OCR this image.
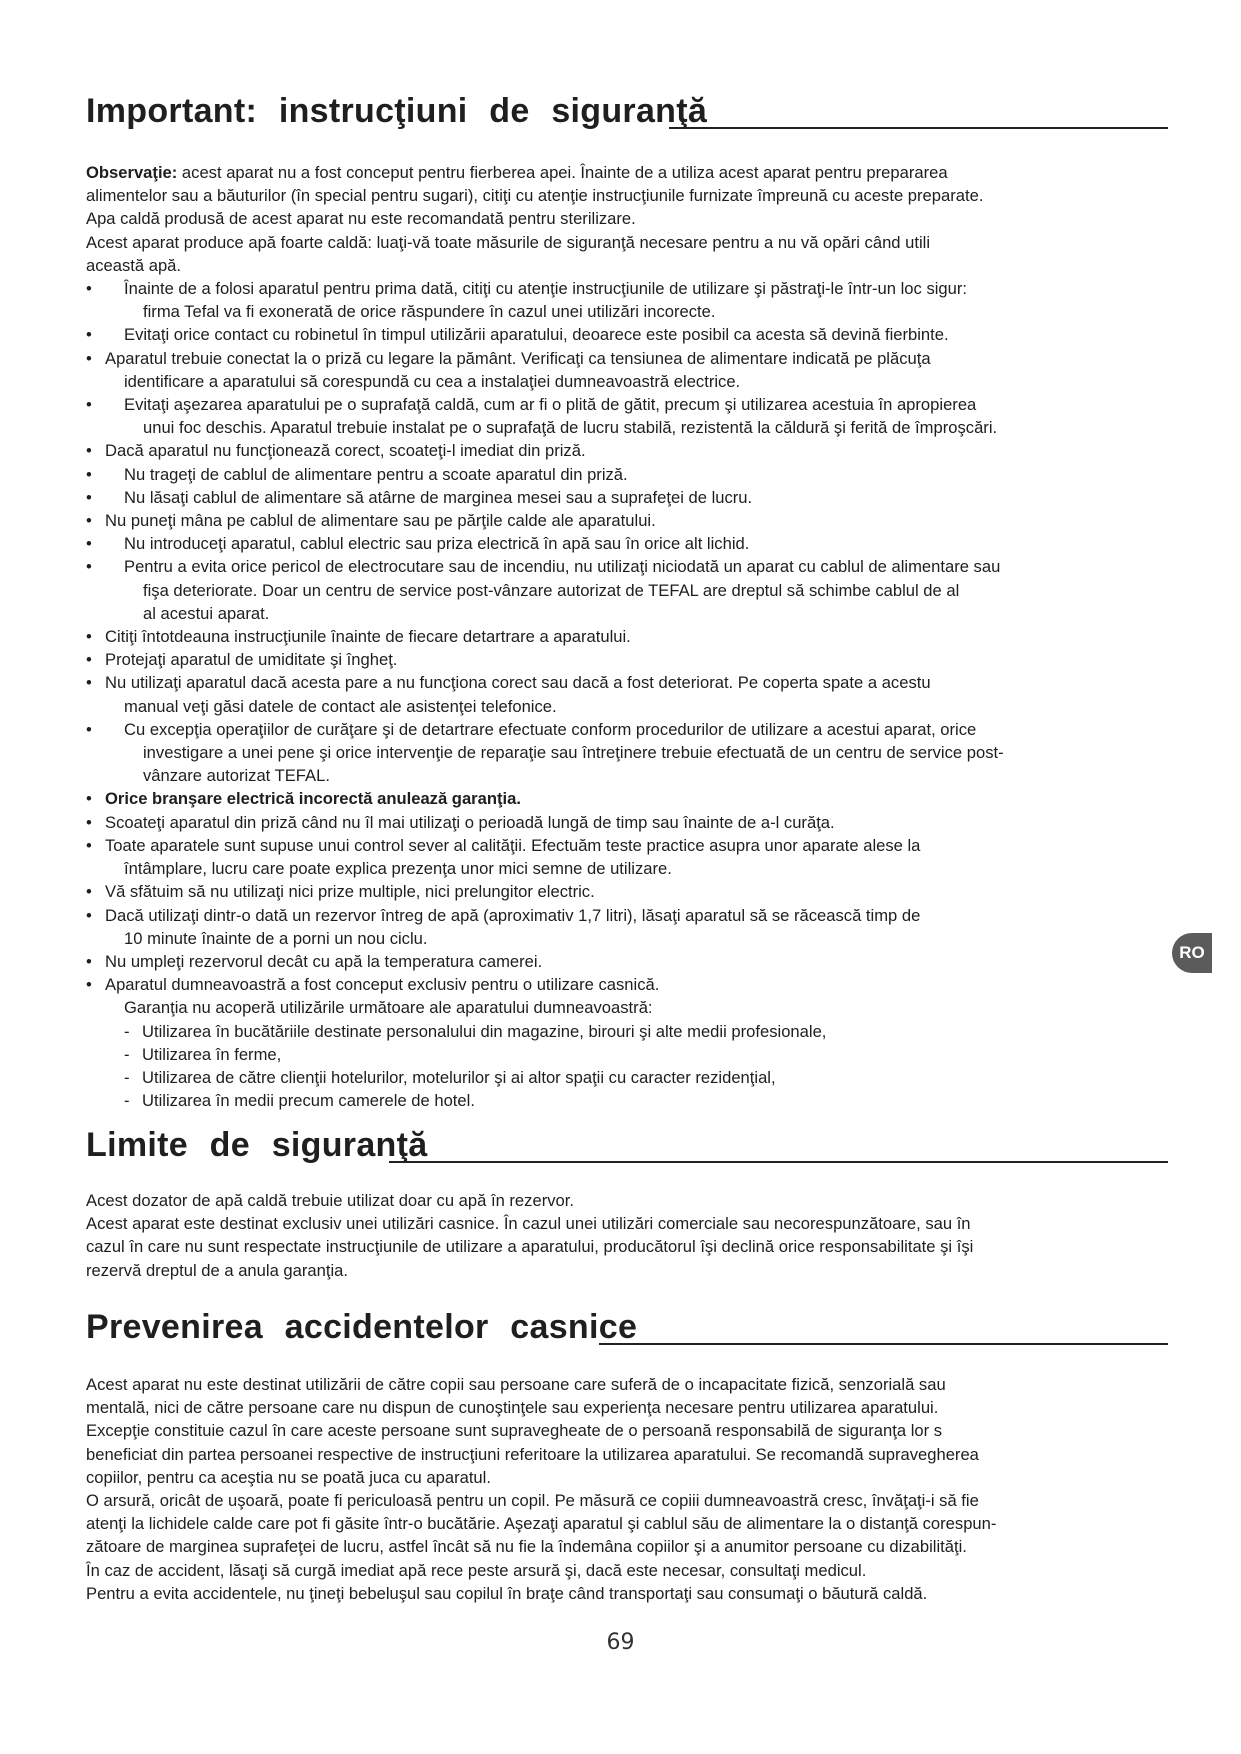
Important: instrucţiuni de siguranţă

Observaţie: acest aparat nu a fost conceput pentru fierberea apei. Înainte de a utiliza acest aparat pentru prepararea

alimentelor sau a băuturilor (în special pentru sugari), citiţi cu atenţie instrucţiunile furnizate împreună cu aceste preparate.

Apa caldă produsă de acest aparat nu este recomandată pentru sterilizare.

Acest aparat produce apă foarte caldă: luaţi-vă toate măsurile de siguranţă necesare pentru a nu vă opări când utili

această apă.

• Înainte de a folosi aparatul pentru prima dată, citiţi cu atenţie instrucţiunile de utilizare şi păstraţi-le într-un loc sigur:
firma Tefal va fi exonerată de orice răspundere în cazul unei utilizări incorecte.
• Evitaţi orice contact cu robinetul în timpul utilizării aparatului, deoarece este posibil ca acesta să devină fierbinte.
• Aparatul trebuie conectat la o priză cu legare la pământ. Verificaţi ca tensiunea de alimentare indicată pe plăcuţa
identificare a aparatului să corespundă cu cea a instalaţiei dumneavoastră electrice.
• Evitaţi aşezarea aparatului pe o suprafaţă caldă, cum ar fi o plită de gătit, precum şi utilizarea acestuia în apropierea
unui foc deschis. Aparatul trebuie instalat pe o suprafaţă de lucru stabilă, rezistentă la căldură şi ferită de împroşcări.
• Dacă aparatul nu funcţionează corect, scoateţi-l imediat din priză.
• Nu trageţi de cablul de alimentare pentru a scoate aparatul din priză.
• Nu lăsaţi cablul de alimentare să atârne de marginea mesei sau a suprafeţei de lucru.
• Nu puneţi mâna pe cablul de alimentare sau pe părţile calde ale aparatului.
• Nu introduceţi aparatul, cablul electric sau priza electrică în apă sau în orice alt lichid.
• Pentru a evita orice pericol de electrocutare sau de incendiu, nu utilizaţi niciodată un aparat cu cablul de alimentare sau
fişa deteriorate. Doar un centru de service post-vânzare autorizat de TEFAL are dreptul să schimbe cablul de al
al acestui aparat.
• Citiţi întotdeauna instrucţiunile înainte de fiecare detartrare a aparatului.
• Protejaţi aparatul de umiditate şi îngheţ.
• Nu utilizaţi aparatul dacă acesta pare a nu funcţiona corect sau dacă a fost deteriorat. Pe coperta spate a acestu
manual veţi găsi datele de contact ale asistenţei telefonice.
• Cu excepţia operaţiilor de curăţare şi de detartrare efectuate conform procedurilor de utilizare a acestui aparat, orice
investigare a unei pene şi orice intervenţie de reparaţie sau întreţinere trebuie efectuată de un centru de service post-
vânzare autorizat TEFAL.
• Orice branşare electrică incorectă anulează garanţia.
• Scoateţi aparatul din priză când nu îl mai utilizaţi o perioadă lungă de timp sau înainte de a-l curăţa.
• Toate aparatele sunt supuse unui control sever al calităţii. Efectuăm teste practice asupra unor aparate alese la
întâmplare, lucru care poate explica prezenţa unor mici semne de utilizare.
• Vă sfătuim să nu utilizaţi nici prize multiple, nici prelungitor electric.
• Dacă utilizaţi dintr-o dată un rezervor întreg de apă (aproximativ 1,7 litri), lăsaţi aparatul să se răcească timp de
10 minute înainte de a porni un nou ciclu.
• Nu umpleţi rezervorul decât cu apă la temperatura camerei.
• Aparatul dumneavoastră a fost conceput exclusiv pentru o utilizare casnică.
Garanţia nu acoperă utilizările următoare ale aparatului dumneavoastră:
- Utilizarea în bucătăriile destinate personalului din magazine, birouri şi alte medii profesionale,
- Utilizarea în ferme,
- Utilizarea de către clienţii hotelurilor, motelurilor şi ai altor spaţii cu caracter rezidenţial,
- Utilizarea în medii precum camerele de hotel.
Limite de siguranţă

Acest dozator de apă caldă trebuie utilizat doar cu apă în rezervor.

Acest aparat este destinat exclusiv unei utilizări casnice. În cazul unei utilizări comerciale sau necorespunzătoare, sau în

cazul în care nu sunt respectate instrucţiunile de utilizare a aparatului, producătorul îşi declină orice responsabilitate şi îşi

rezervă dreptul de a anula garanţia.

Prevenirea accidentelor casnice

Acest aparat nu este destinat utilizării de către copii sau persoane care suferă de o incapacitate fizică, senzorială sau

mentală, nici de către persoane care nu dispun de cunoştinţele sau experienţa necesare pentru utilizarea aparatului.

Excepţie constituie cazul în care aceste persoane sunt supravegheate de o persoană responsabilă de siguranţa lor s

beneficiat din partea persoanei respective de instrucţiuni referitoare la utilizarea aparatului. Se recomandă supravegherea

copiilor, pentru ca aceştia nu se poată juca cu aparatul.

O arsură, oricât de uşoară, poate fi periculoasă pentru un copil. Pe măsură ce copiii dumneavoastră cresc, învăţaţi-i să fie

atenţi la lichidele calde care pot fi găsite într-o bucătărie. Aşezaţi aparatul şi cablul său de alimentare la o distanţă corespun-

zătoare de marginea suprafeţei de lucru, astfel încât să nu fie la îndemâna copiilor şi a anumitor persoane cu dizabilităţi.

În caz de accident, lăsaţi să curgă imediat apă rece peste arsură şi, dacă este necesar, consultaţi medicul.

Pentru a evita accidentele, nu ţineţi bebeluşul sau copilul în braţe când transportaţi sau consumaţi o băutură caldă.

RO
69
